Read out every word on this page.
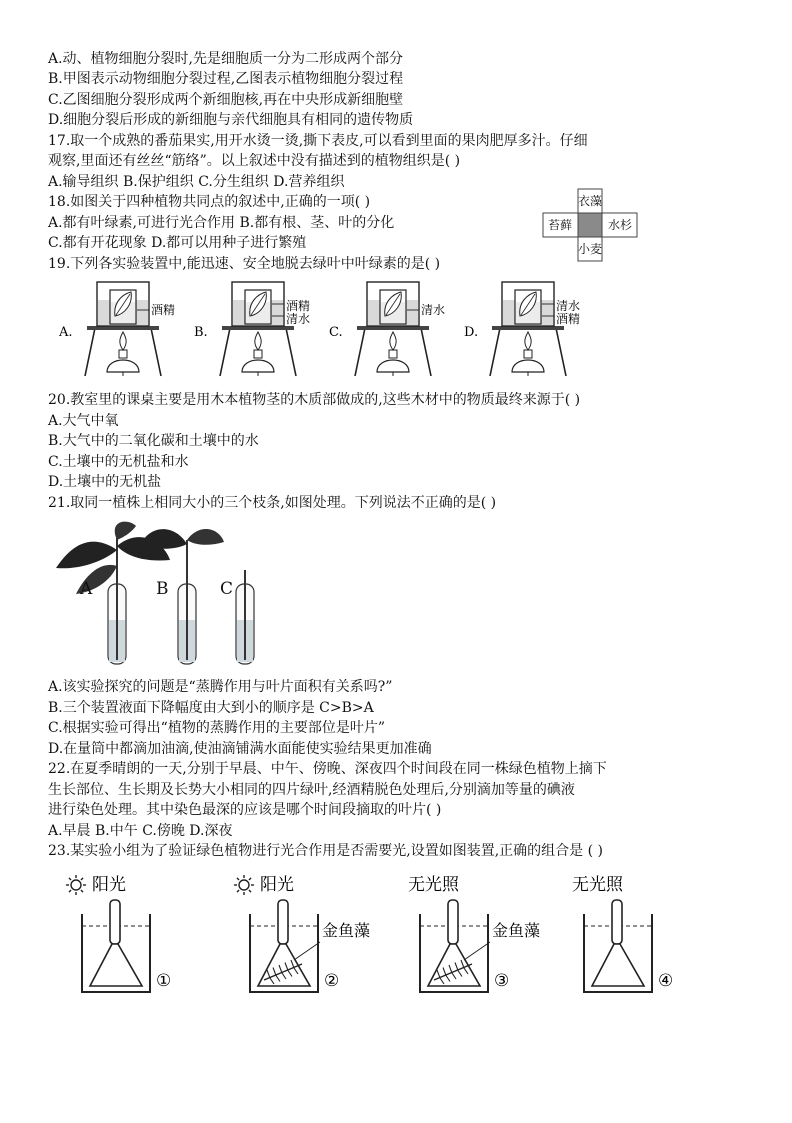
A.动、植物细胞分裂时,先是细胞质一分为二形成两个部分
B.甲图表示动物细胞分裂过程,乙图表示植物细胞分裂过程
C.乙图细胞分裂形成两个新细胞核,再在中央形成新细胞壁
D.细胞分裂后形成的新细胞与亲代细胞具有相同的遗传物质
17.取一个成熟的番茄果实,用开水烫一烫,撕下表皮,可以看到里面的果肉肥厚多汁。仔细
观察,里面还有丝丝“筋络”。以上叙述中没有描述到的植物组织是( )
A.输导组织 B.保护组织 C.分生组织 D.营养组织
18.如图关于四种植物共同点的叙述中,正确的一项( )
A.都有叶绿素,可进行光合作用 B.都有根、茎、叶的分化
C.都有开花现象 D.都可以用种子进行繁殖
19.下列各实验装置中,能迅速、安全地脱去绿叶中叶绿素的是( )
20.教室里的课桌主要是用木本植物茎的木质部做成的,这些木材中的物质最终来源于( )
A.大气中氧
B.大气中的二氧化碳和土壤中的水
C.土壤中的无机盐和水
D.土壤中的无机盐
21.取同一植株上相同大小的三个枝条,如图处理。下列说法不正确的是( )
A.该实验探究的问题是“蒸腾作用与叶片面积有关系吗?”
B.三个装置液面下降幅度由大到小的顺序是 C>B>A
C.根据实验可得出“植物的蒸腾作用的主要部位是叶片”
D.在量筒中都滴加油滴,使油滴铺满水面能使实验结果更加准确
22.在夏季晴朗的一天,分别于早晨、中午、傍晚、深夜四个时间段在同一株绿色植物上摘下
生长部位、生长期及长势大小相同的四片绿叶,经酒精脱色处理后,分别滴加等量的碘液
进行染色处理。其中染色最深的应该是哪个时间段摘取的叶片( )
A.早晨 B.中午 C.傍晚 D.深夜
23.某实验小组为了验证绿色植物进行光合作用是否需要光,设置如图装置,正确的组合是 ( )
衣藻
苔藓	水杉
小麦
A.
酒精
B.
酒精
清水
C.
清水
D.
清水
酒精
A	B	C
阳光
①
阳光
金鱼藻
②
无光照
金鱼藻
③
无光照
④
